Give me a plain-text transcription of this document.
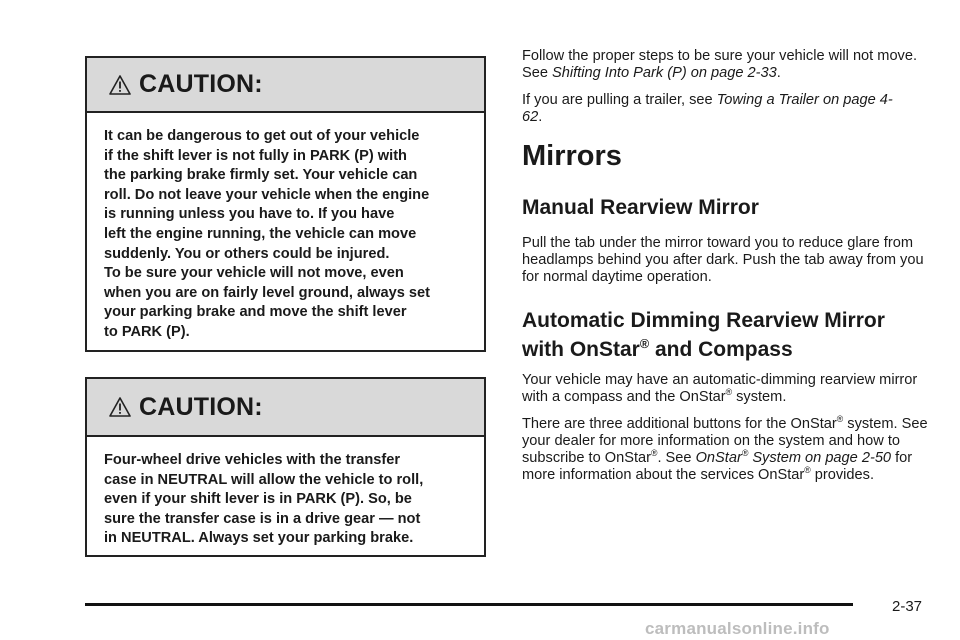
CAUTION:
It can be dangerous to get out of your vehicle
if the shift lever is not fully in PARK (P) with
the parking brake firmly set. Your vehicle can
roll. Do not leave your vehicle when the engine
is running unless you have to. If you have
left the engine running, the vehicle can move
suddenly. You or others could be injured.
To be sure your vehicle will not move, even
when you are on fairly level ground, always set
your parking brake and move the shift lever
to PARK (P).
CAUTION:
Four-wheel drive vehicles with the transfer
case in NEUTRAL will allow the vehicle to roll,
even if your shift lever is in PARK (P). So, be
sure the transfer case is in a drive gear — not
in NEUTRAL. Always set your parking brake.

Follow the proper steps to be sure your vehicle will not move. See Shifting Into Park (P) on page 2-33.

If you are pulling a trailer, see Towing a Trailer on page 4-62.

Mirrors
Manual Rearview Mirror

Pull the tab under the mirror toward you to reduce glare from headlamps behind you after dark. Push the tab away from you for normal daytime operation.

Automatic Dimming Rearview Mirror
with OnStar® and Compass

Your vehicle may have an automatic-dimming rearview mirror with a compass and the OnStar® system.

There are three additional buttons for the OnStar® system. See your dealer for more information on the system and how to subscribe to OnStar®. See OnStar® System on page 2-50 for more information about the services OnStar® provides.

2-37
carmanualsonline.info
